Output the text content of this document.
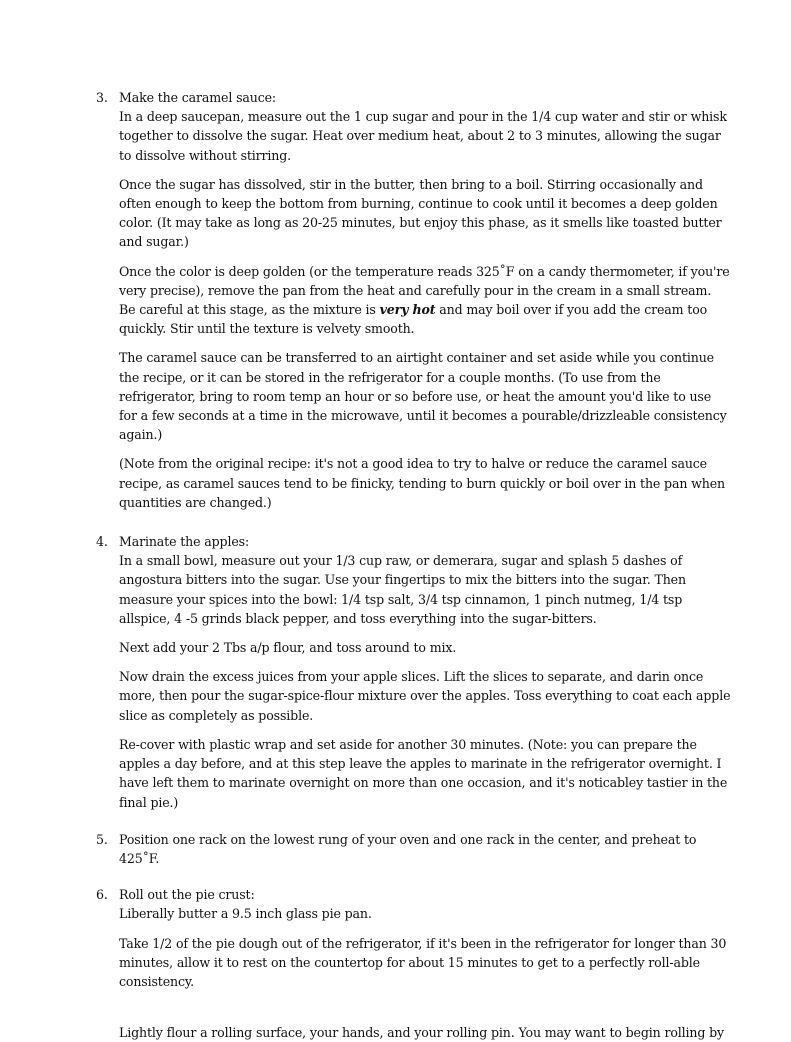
3. Make the caramel sauce:

In a deep saucepan, measure out the 1 cup sugar and pour in the 1/4 cup water and stir or whisk together to dissolve the sugar. Heat over medium heat, about 2 to 3 minutes, allowing the sugar to dissolve without stirring.

Once the sugar has dissolved, stir in the butter, then bring to a boil. Stirring occasionally and often enough to keep the bottom from burning, continue to cook until it becomes a deep golden color. (It may take as long as 20-25 minutes, but enjoy this phase, as it smells like toasted butter and sugar.)

Once the color is deep golden (or the temperature reads 325˚F on a candy thermometer, if you're very precise), remove the pan from the heat and carefully pour in the cream in a small stream. Be careful at this stage, as the mixture is very hot and may boil over if you add the cream too quickly. Stir until the texture is velvety smooth.

The caramel sauce can be transferred to an airtight container and set aside while you continue the recipe, or it can be stored in the refrigerator for a couple months. (To use from the refrigerator, bring to room temp an hour or so before use, or heat the amount you'd like to use for a few seconds at a time in the microwave, until it becomes a pourable/drizzleable consistency again.)

(Note from the original recipe: it's not a good idea to try to halve or reduce the caramel sauce recipe, as caramel sauces tend to be finicky, tending to burn quickly or boil over in the pan when quantities are changed.)

4. Marinate the apples:

In a small bowl, measure out your 1/3 cup raw, or demerara, sugar and splash 5 dashes of angostura bitters into the sugar. Use your fingertips to mix the bitters into the sugar. Then measure your spices into the bowl: 1/4 tsp salt, 3/4 tsp cinnamon, 1 pinch nutmeg, 1/4 tsp allspice, 4 -5 grinds black pepper, and toss everything into the sugar-bitters.

Next add your 2 Tbs a/p flour, and toss around to mix.

Now drain the excess juices from your apple slices. Lift the slices to separate, and darin once more, then pour the sugar-spice-flour mixture over the apples. Toss everything to coat each apple slice as completely as possible.

Re-cover with plastic wrap and set aside for another 30 minutes. (Note: you can prepare the apples a day before, and at this step leave the apples to marinate in the refrigerator overnight. I have left them to marinate overnight on more than one occasion, and it's noticabley tastier in the final pie.)

5. Position one rack on the lowest rung of your oven and one rack in the center, and preheat to 425˚F.
6. Roll out the pie crust:

Liberally butter a 9.5 inch glass pie pan.

Take 1/2 of the pie dough out of the refrigerator, if it's been in the refrigerator for longer than 30 minutes, allow it to rest on the countertop for about 15 minutes to get to a perfectly roll-able consistency.

Lightly flour a rolling surface, your hands, and your rolling pin. You may want to begin rolling by
